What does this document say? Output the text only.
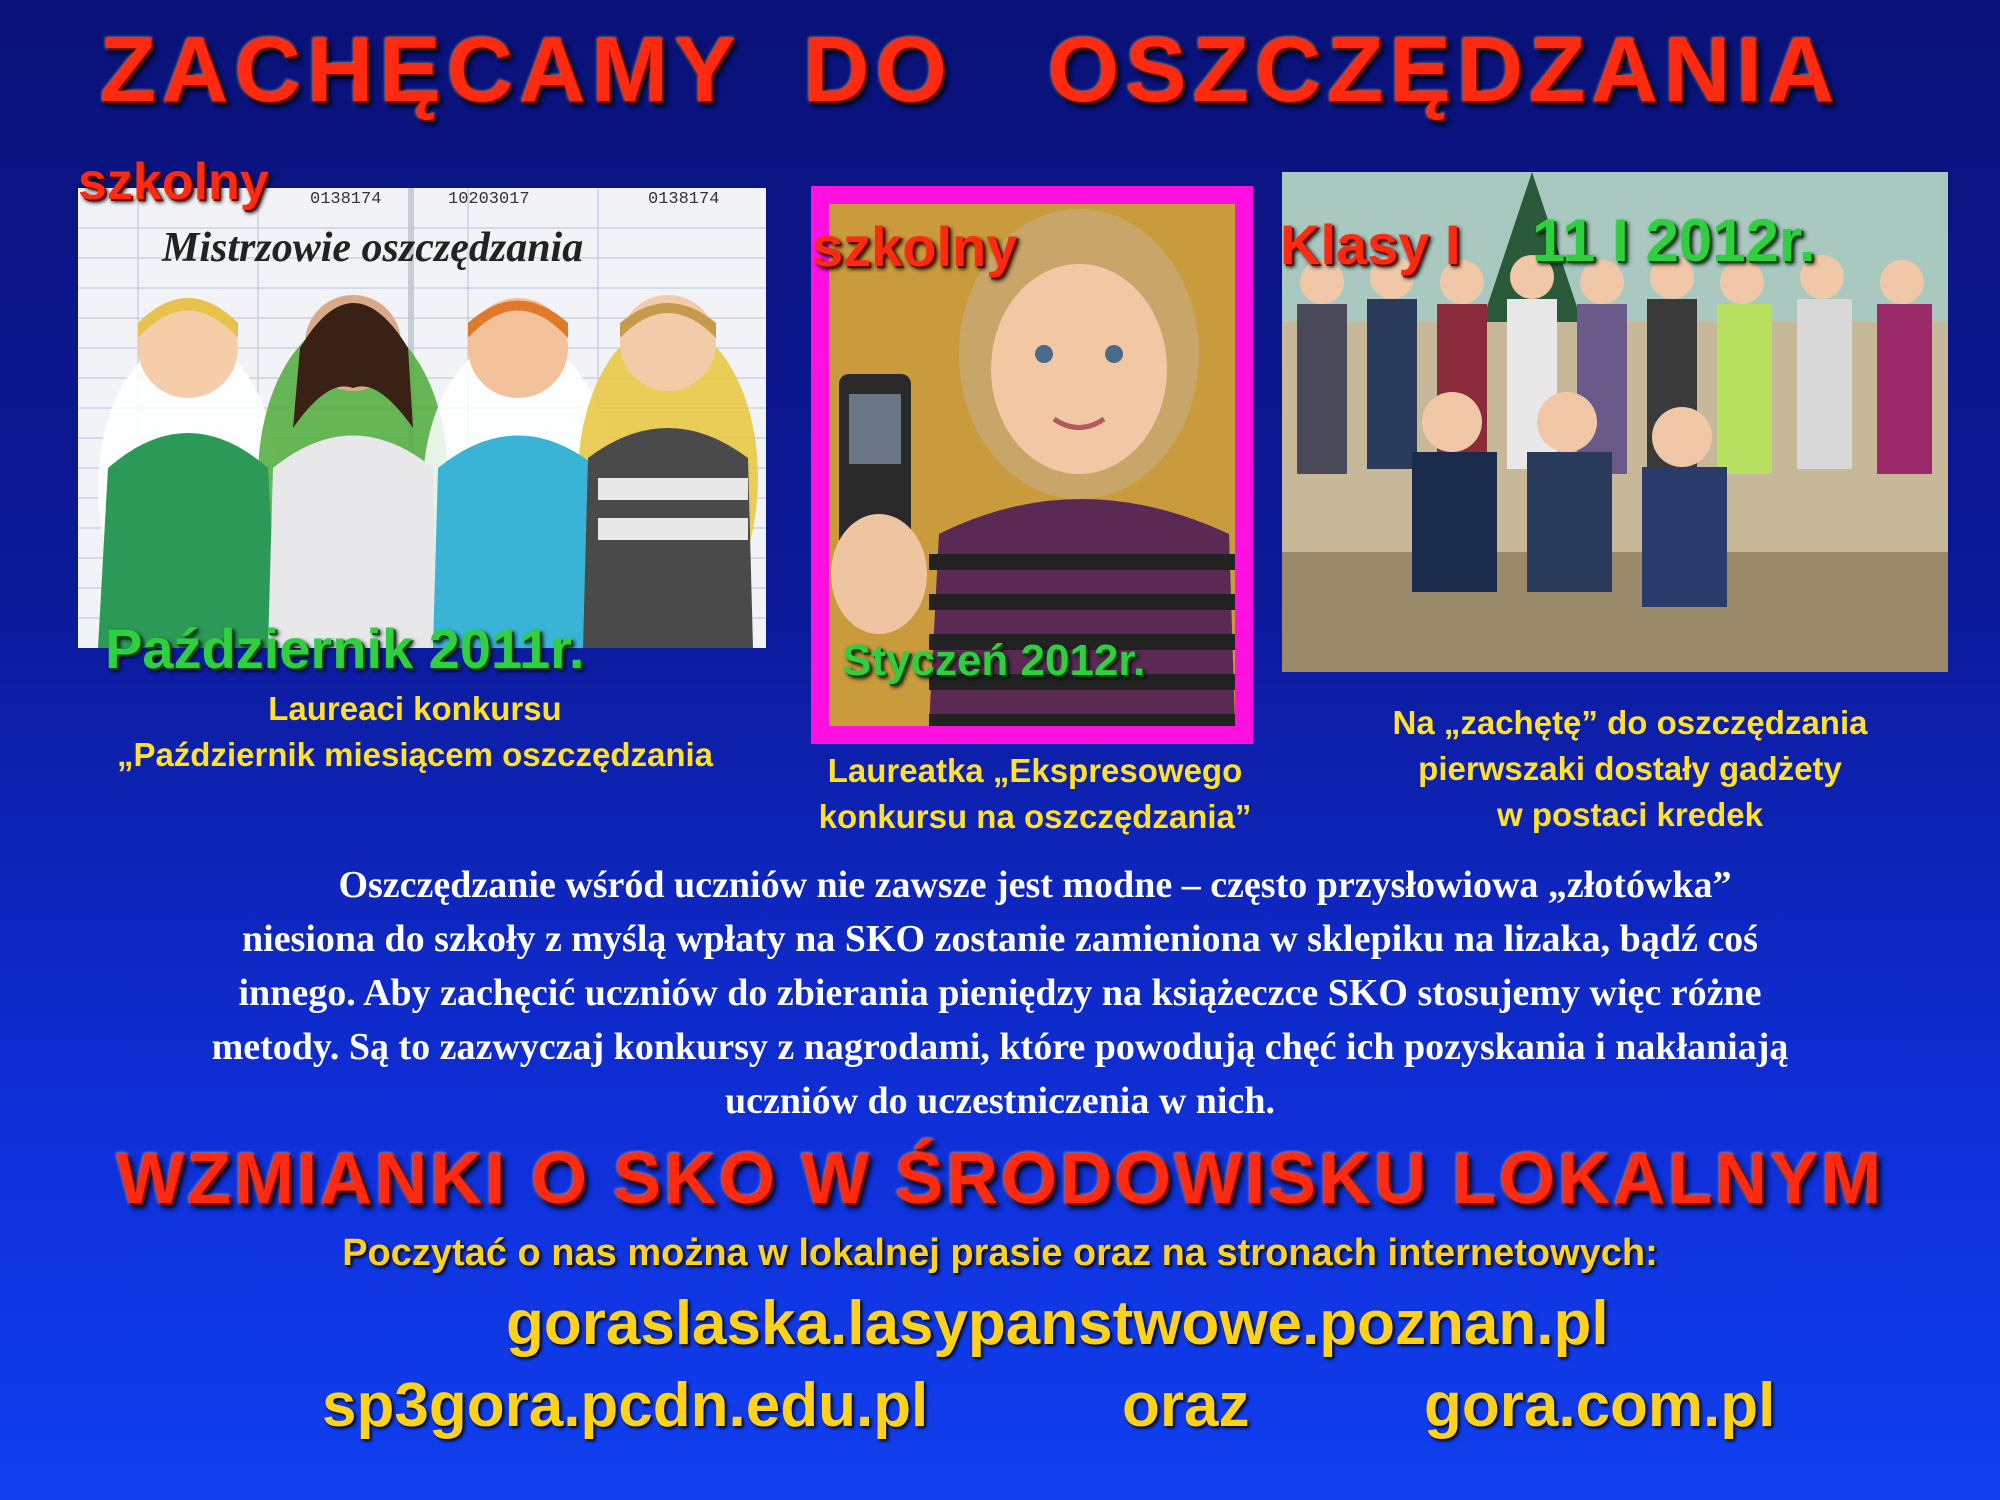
ZACHĘCAMY  DO   OSZCZĘDZANIA
0138174	10203017	0138174
Mistrzowie oszczędzania
szkolny
Październik 2011r.
Laureaci konkursu
„Październik miesiącem oszczędzania
szkolny
Styczeń 2012r.
Laureatka „Ekspresowego
konkursu na oszczędzania”
Klasy I 11 I 2012r.
Na „zachętę” do oszczędzania
pierwszaki dostały gadżety
w postaci kredek
Oszczędzanie wśród uczniów nie zawsze jest modne – często przysłowiowa „złotówka”
niesiona do szkoły z myślą wpłaty na SKO zostanie zamieniona w sklepiku na lizaka, bądź coś
innego. Aby zachęcić uczniów do zbierania pieniędzy na książeczce SKO stosujemy więc różne
metody. Są to zazwyczaj konkursy z nagrodami, które powodują chęć ich pozyskania i nakłaniają
uczniów do uczestniczenia w nich.
WZMIANKI O SKO W ŚRODOWISKU LOKALNYM
Poczytać o nas można w lokalnej prasie oraz na stronach internetowych:
goraslaska.lasypanstwowe.poznan.pl
sp3gora.pcdn.edu.pl	oraz	gora.com.pl
